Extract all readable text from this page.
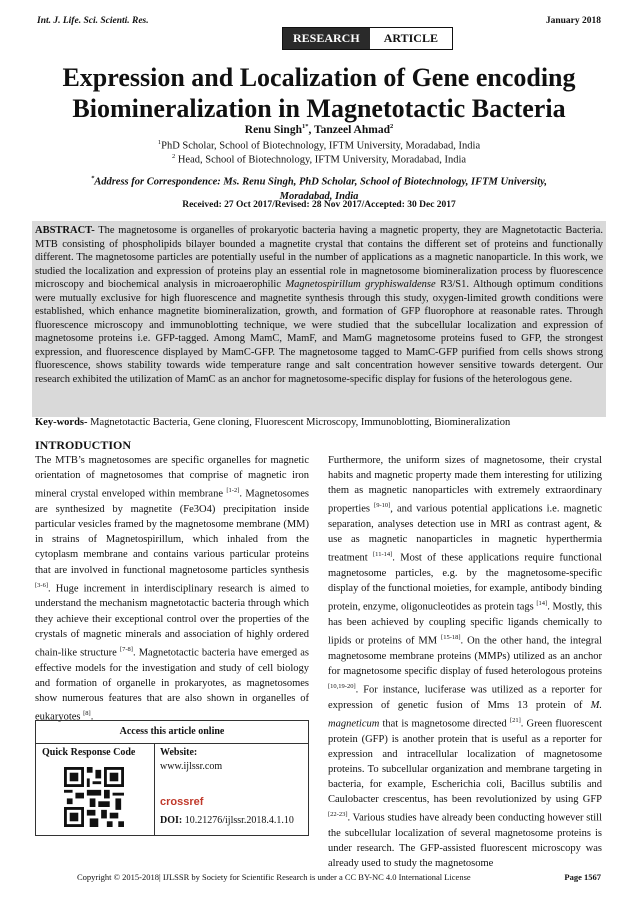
Int. J. Life. Sci. Scienti. Res.	January 2018
RESEARCH	ARTICLE
Expression and Localization of Gene encoding
Biomineralization in Magnetotactic Bacteria
Renu Singh$^{1*}$, Tanzeel Ahmad$^2$
$^1$PhD Scholar, School of Biotechnology, IFTM University, Moradabad, India
$^2$ Head, School of Biotechnology, IFTM University, Moradabad, India
*Address for Correspondence: Ms. Renu Singh, PhD Scholar, School of Biotechnology, IFTM University,
Moradabad, India
Received: 27 Oct 2017/Revised: 28 Nov 2017/Accepted: 30 Dec 2017
ABSTRACT- The magnetosome is organelles of prokaryotic bacteria having a magnetic property, they are Magnetotactic Bacteria. MTB consisting of phospholipids bilayer bounded a magnetite crystal that contains the different set of proteins and functionally different. The magnetosome particles are potentially useful in the number of applications as a magnetic nanoparticle. In this work, we studied the localization and expression of proteins play an essential role in magnetosome biomineralization process by fluorescence microscopy and biochemical analysis in microaerophilic Magnetospirillum gryphiswaldense R3/S1. Although optimum conditions were mutually exclusive for high fluorescence and magnetite synthesis through this study, oxygen-limited growth conditions were established, which enhance magnetite biomineralization, growth, and formation of GFP fluorophore at reasonable rates. Through fluorescence microscopy and immunoblotting technique, we were studied that the subcellular localization and expression of magnetosome proteins i.e. GFP-tagged. Among MamC, MamF, and MamG magnetosome proteins fused to GFP, the strongest expression, and fluorescence displayed by MamC-GFP. The magnetosome tagged to MamC-GFP purified from cells shows strong fluorescence, shows stability towards wide temperature range and salt concentration however sensitive towards detergent. Our research exhibited the utilization of MamC as an anchor for magnetosome-specific display for fusions of the heterologous gene.
Key-words- Magnetotactic Bacteria, Gene cloning, Fluorescent Microscopy, Immunoblotting, Biomineralization
INTRODUCTION
The MTB’s magnetosomes are specific organelles for magnetic orientation of magnetosomes that comprise of magnetic iron mineral crystal enveloped within membrane [1-2]. Magnetosomes are synthesized by magnetite (Fe3O4) precipitation inside particular vesicles framed by the magnetosome membrane (MM) in strains of Magnetospirillum, which inhaled from the cytoplasm membrane and contains various particular proteins that are involved in functional magnetosome particles synthesis [3-6]. Huge increment in interdisciplinary research is aimed to understand the mechanism magnetotactic bacteria through which they achieve their exceptional control over the properties of the crystals of magnetic minerals and association of highly ordered chain-like structure [7-8]. Magnetotactic bacteria have emerged as effective models for the investigation and study of cell biology and formation of organelle in prokaryotes, as magnetosomes show numerous features that are also shown in organelles of eukaryotes [8].
Furthermore, the uniform sizes of magnetosome, their crystal habits and magnetic property made them interesting for utilizing them as magnetic nanoparticles with extremely extraordinary properties [9-10], and various potential applications i.e. magnetic separation, analyses detection use in MRI as contrast agent, & use as magnetic nanoparticles in magnetic hyperthermia treatment [11-14]. Most of these applications require functional magnetosome particles, e.g. by the magnetosome-specific display of the functional moieties, for example, antibody binding protein, enzyme, oligonucleotides as protein tags [14]. Mostly, this has been achieved by coupling specific ligands chemically to lipids or proteins of MM [15-18]. On the other hand, the integral magnetosome membrane proteins (MMPs) utilized as an anchor for magnetosome specific display of fused heterologous proteins [10,19-20]. For instance, luciferase was utilized as a reporter for expression of genetic fusion of Mms 13 protein of M. magneticum that is magnetosome directed [21]. Green fluorescent protein (GFP) is another protein that is useful as a reporter for expression and intracellular localization of magnetosome proteins. To subcellular organization and membrane targeting in bacteria, for example, Escherichia coli, Bacillus subtilis and Caulobacter crescentus, has been revolutionized by using GFP [22-23]. Various studies have already been conducting however still the subcellular localization of several magnetosome proteins is under research. The GFP-assisted fluorescent microscopy was already used to study the magnetosome
Access this article online
Quick Response Code	Website:
www.ijlssr.com
crossref
DOI: 10.21276/ijlssr.2018.4.1.10
Copyright © 2015-2018| IJLSSR by Society for Scientific Research is under a CC BY-NC 4.0 International License	Page 1567
